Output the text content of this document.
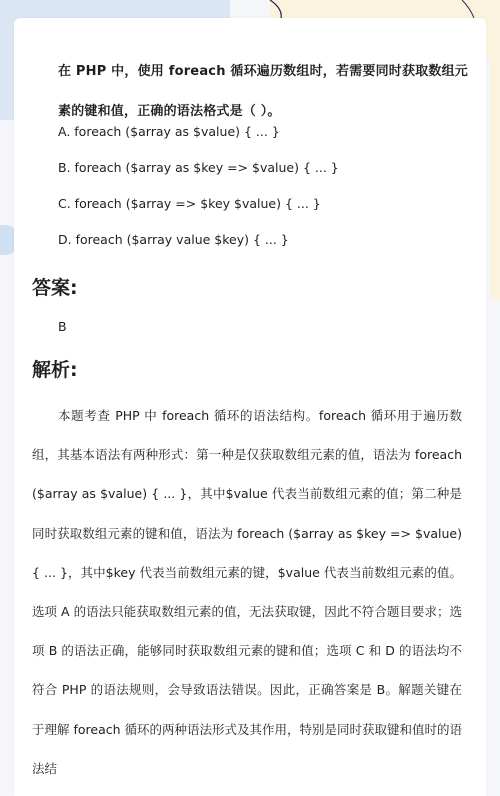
在 PHP 中，使用 foreach 循环遍历数组时，若需要同时获取数组元素的键和值，正确的语法格式是（ ）。
A. foreach ($array as $value) { ... }
B. foreach ($array as $key => $value) { ... }
C. foreach ($array => $key $value) { ... }
D. foreach ($array value $key) { ... }
答案:
B
解析:
本题考查 PHP 中 foreach 循环的语法结构。foreach 循环用于遍历数组，其基本语法有两种形式：第一种是仅获取数组元素的值，语法为 foreach ($array as $value) { ... }，其中$value 代表当前数组元素的值；第二种是同时获取数组元素的键和值，语法为 foreach ($array as $key => $value) { ... }，其中$key 代表当前数组元素的键，$value 代表当前数组元素的值。选项 A 的语法只能获取数组元素的值，无法获取键，因此不符合题目要求；选项 B 的语法正确，能够同时获取数组元素的键和值；选项 C 和 D 的语法均不符合 PHP 的语法规则，会导致语法错误。因此，正确答案是 B。解题关键在于理解 foreach 循环的两种语法形式及其作用，特别是同时获取键和值时的语法结
